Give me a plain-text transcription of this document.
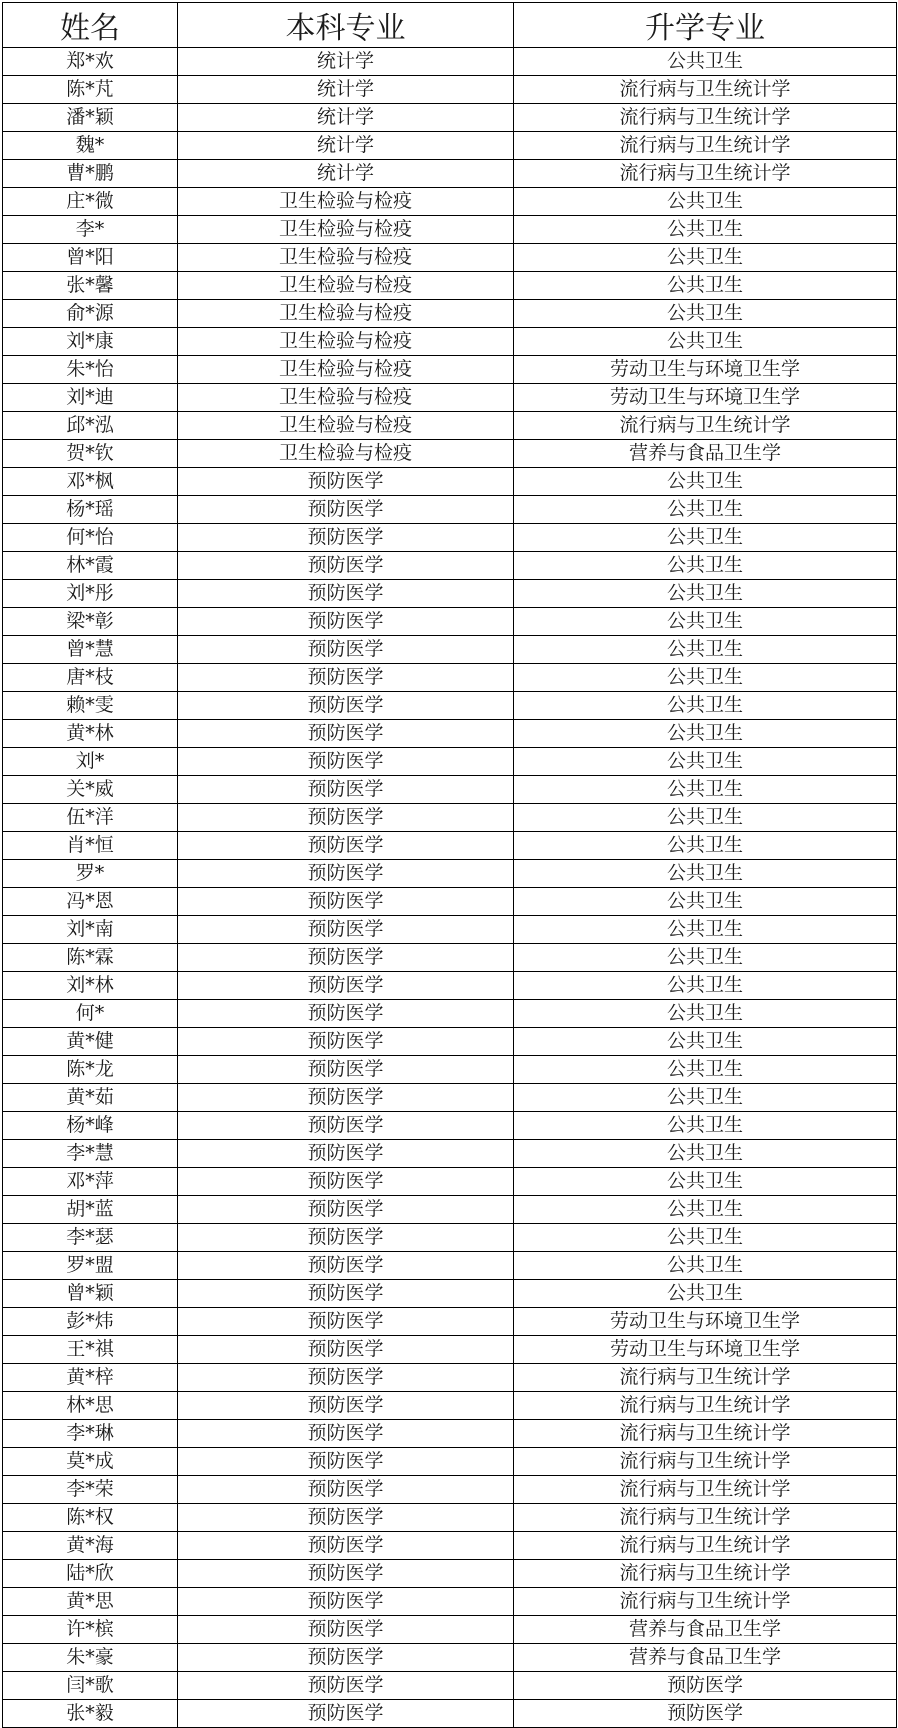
姓名	本科专业	升学专业
郑*欢	统计学	公共卫生
陈*芃	统计学	流行病与卫生统计学
潘*颖	统计学	流行病与卫生统计学
魏*	统计学	流行病与卫生统计学
曹*鹏	统计学	流行病与卫生统计学
庄*微	卫生检验与检疫	公共卫生
李*	卫生检验与检疫	公共卫生
曾*阳	卫生检验与检疫	公共卫生
张*馨	卫生检验与检疫	公共卫生
俞*源	卫生检验与检疫	公共卫生
刘*康	卫生检验与检疫	公共卫生
朱*怡	卫生检验与检疫	劳动卫生与环境卫生学
刘*迪	卫生检验与检疫	劳动卫生与环境卫生学
邱*泓	卫生检验与检疫	流行病与卫生统计学
贺*钦	卫生检验与检疫	营养与食品卫生学
邓*枫	预防医学	公共卫生
杨*瑶	预防医学	公共卫生
何*怡	预防医学	公共卫生
林*霞	预防医学	公共卫生
刘*彤	预防医学	公共卫生
梁*彰	预防医学	公共卫生
曾*慧	预防医学	公共卫生
唐*枝	预防医学	公共卫生
赖*雯	预防医学	公共卫生
黄*林	预防医学	公共卫生
刘*	预防医学	公共卫生
关*威	预防医学	公共卫生
伍*洋	预防医学	公共卫生
肖*恒	预防医学	公共卫生
罗*	预防医学	公共卫生
冯*恩	预防医学	公共卫生
刘*南	预防医学	公共卫生
陈*霖	预防医学	公共卫生
刘*林	预防医学	公共卫生
何*	预防医学	公共卫生
黄*健	预防医学	公共卫生
陈*龙	预防医学	公共卫生
黄*茹	预防医学	公共卫生
杨*峰	预防医学	公共卫生
李*慧	预防医学	公共卫生
邓*萍	预防医学	公共卫生
胡*蓝	预防医学	公共卫生
李*瑟	预防医学	公共卫生
罗*盟	预防医学	公共卫生
曾*颖	预防医学	公共卫生
彭*炜	预防医学	劳动卫生与环境卫生学
王*祺	预防医学	劳动卫生与环境卫生学
黄*梓	预防医学	流行病与卫生统计学
林*思	预防医学	流行病与卫生统计学
李*琳	预防医学	流行病与卫生统计学
莫*成	预防医学	流行病与卫生统计学
李*荣	预防医学	流行病与卫生统计学
陈*权	预防医学	流行病与卫生统计学
黄*海	预防医学	流行病与卫生统计学
陆*欣	预防医学	流行病与卫生统计学
黄*思	预防医学	流行病与卫生统计学
许*槟	预防医学	营养与食品卫生学
朱*豪	预防医学	营养与食品卫生学
闫*歌	预防医学	预防医学
张*毅	预防医学	预防医学
